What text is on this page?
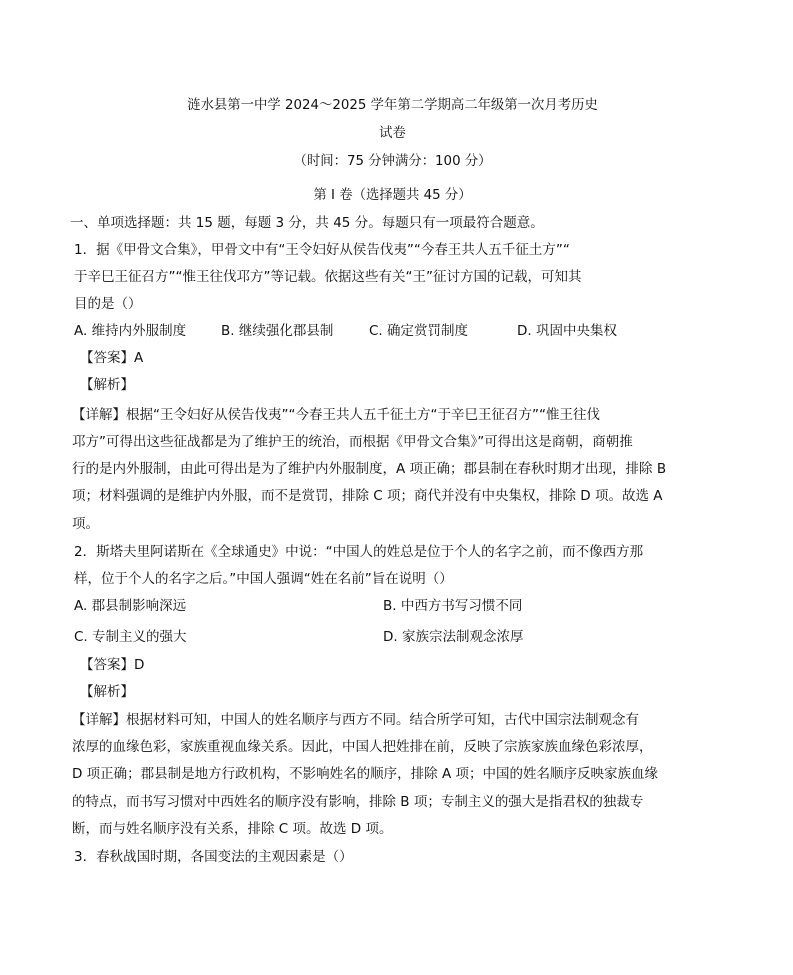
涟水县第一中学 2024～2025 学年第二学期高二年级第一次月考历史
试卷
（时间：75 分钟满分：100 分）
第 I 卷（选择题共 45 分）
一、单项选择题：共 15 题，每题 3 分，共 45 分。每题只有一项最符合题意。
1．据《甲骨文合集》，甲骨文中有“王令妇好从侯告伐夷”“今春王共人五千征土方”“
于辛巳王征召方”“惟王往伐邛方”等记载。依据这些有关“王”征讨方国的记载，可知其
目的是（）
A. 维持内外服制度	B. 继续强化郡县制	C. 确定赏罚制度	D. 巩固中央集权
【答案】A
【解析】
【详解】根据“王令妇好从侯告伐夷”“今春王共人五千征土方“于辛巳王征召方”“惟王往伐
邛方”可得出这些征战都是为了维护王的统治，而根据《甲骨文合集》”可得出这是商朝，商朝推
行的是内外服制，由此可得出是为了维护内外服制度，A 项正确；郡县制在春秋时期才出现，排除 B
项；材料强调的是维护内外服，而不是赏罚，排除 C 项；商代并没有中央集权，排除 D 项。故选 A
项。
2．斯塔夫里阿诺斯在《全球通史》中说：“中国人的姓总是位于个人的名字之前，而不像西方那
样，位于个人的名字之后。”中国人强调“姓在名前”旨在说明（）
A. 郡县制影响深远	B. 中西方书写习惯不同
C. 专制主义的强大	D. 家族宗法制观念浓厚
【答案】D
【解析】
【详解】根据材料可知，中国人的姓名顺序与西方不同。结合所学可知，古代中国宗法制观念有
浓厚的血缘色彩，家族重视血缘关系。因此，中国人把姓排在前，反映了宗族家族血缘色彩浓厚，
D 项正确；郡县制是地方行政机构，不影响姓名的顺序，排除 A 项；中国的姓名顺序反映家族血缘
的特点，而书写习惯对中西姓名的顺序没有影响，排除 B 项；专制主义的强大是指君权的独裁专
断，而与姓名顺序没有关系，排除 C 项。故选 D 项。
3．春秋战国时期，各国变法的主观因素是（）
